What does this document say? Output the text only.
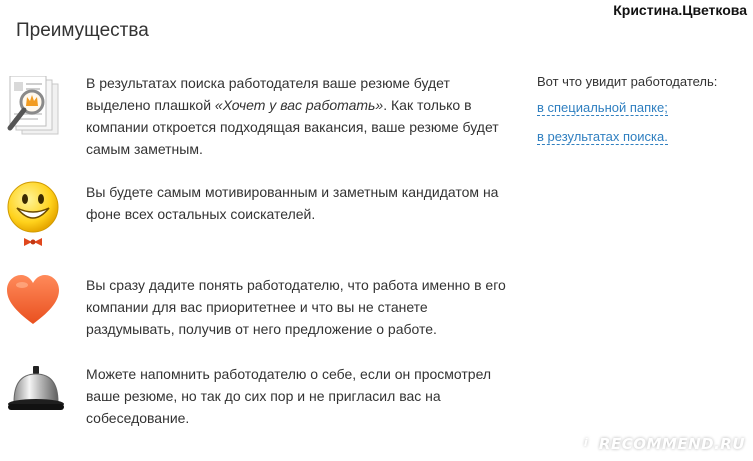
Кристина.Цветкова
Преимущества
В результатах поиска работодателя ваше резюме будет выделено плашкой «Хочет у вас работать». Как только в компании откроется подходящая вакансия, ваше резюме будет самым заметным.
Вы будете самым мотивированным и заметным кандидатом на фоне всех остальных соискателей.
Вы сразу дадите понять работодателю, что работа именно в его компании для вас приоритетнее и что вы не станете раздумывать, получив от него предложение о работе.
Можете напомнить работодателю о себе, если он просмотрел ваше резюме, но так до сих пор и не пригласил вас на собеседование.
Вот что увидит работодатель:
в специальной папке;
в результатах поиска.
i RECOMMEND.RU
